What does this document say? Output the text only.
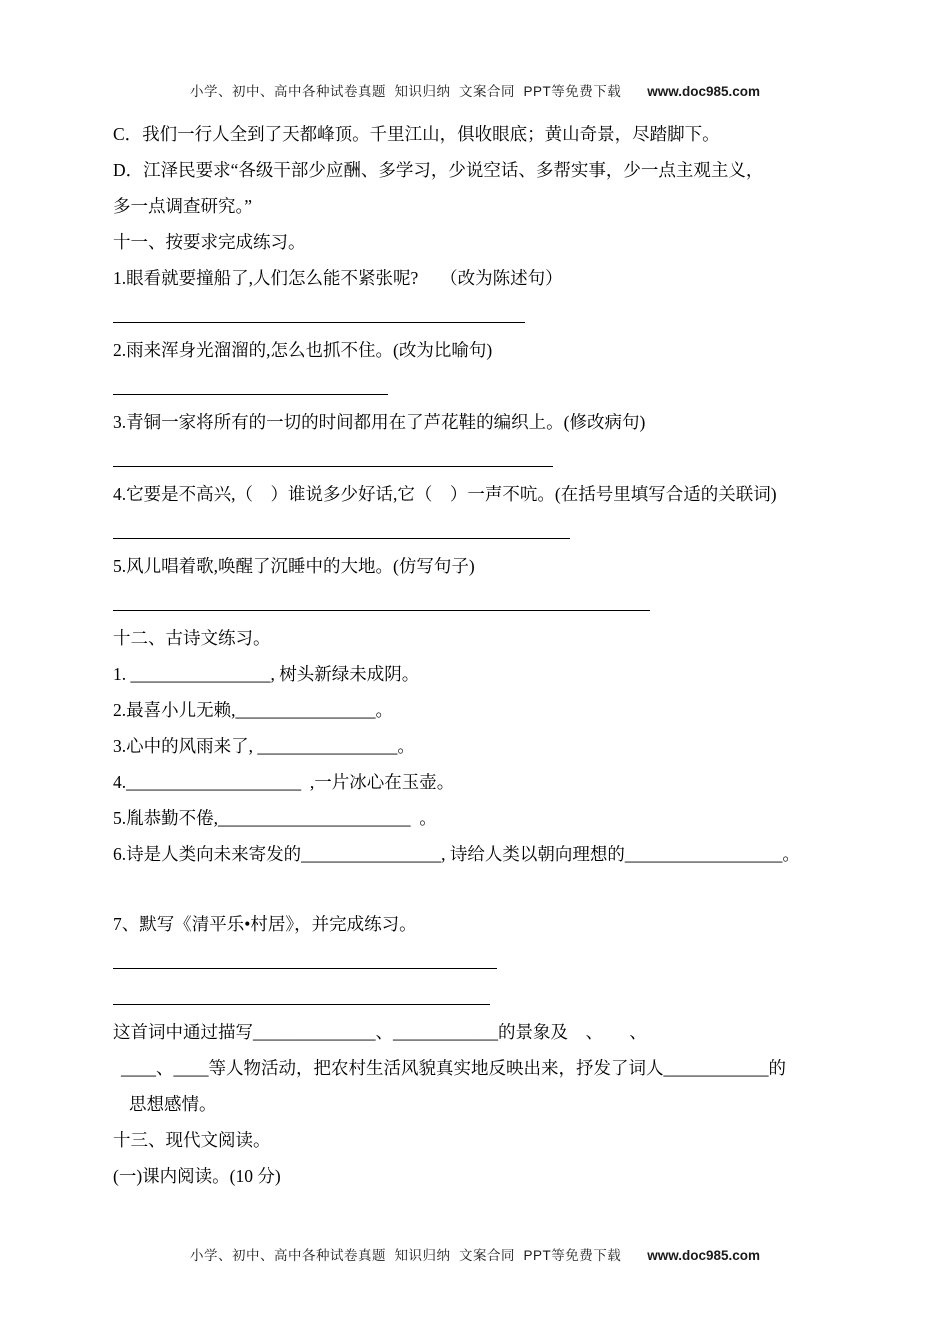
小学、初中、高中各种试卷真题  知识归纳  文案合同  PPT等免费下载 www.doc985.com

C．我们一行人全到了天都峰顶。千里江山，俱收眼底；黄山奇景，尽踏脚下。

D．江泽民要求“各级干部少应酬、多学习，少说空话、多帮实事，少一点主观主义，

多一点调查研究。”

十一、按要求完成练习。

1.眼看就要撞船了,人们怎么能不紧张呢?　 （改为陈述句）

2.雨来浑身光溜溜的,怎么也抓不住。(改为比喻句)

3.青铜一家将所有的一切的时间都用在了芦花鞋的编织上。(修改病句)

4.它要是不高兴,（　）谁说多少好话,它（　）一声不吭。(在括号里填写合适的关联词)

5.风儿唱着歌,唤醒了沉睡中的大地。(仿写句子)

十二、古诗文练习。

1. ________________, 树头新绿未成阴。

2.最喜小儿无赖,________________。

3.心中的风雨来了, ________________。

4.____________________  ,一片冰心在玉壶。

5.胤恭勤不倦,______________________  。

6.诗是人类向未来寄发的________________, 诗给人类以朝向理想的__________________。

7、默写《清平乐•村居》，并完成练习。

这首词中通过描写______________、____________的景象及　、　　、　

____、____等人物活动，把农村生活风貌真实地反映出来，抒发了词人____________的

思想感情。

十三、现代文阅读。

(一)课内阅读。(10 分)

小学、初中、高中各种试卷真题  知识归纳  文案合同  PPT等免费下载 www.doc985.com
